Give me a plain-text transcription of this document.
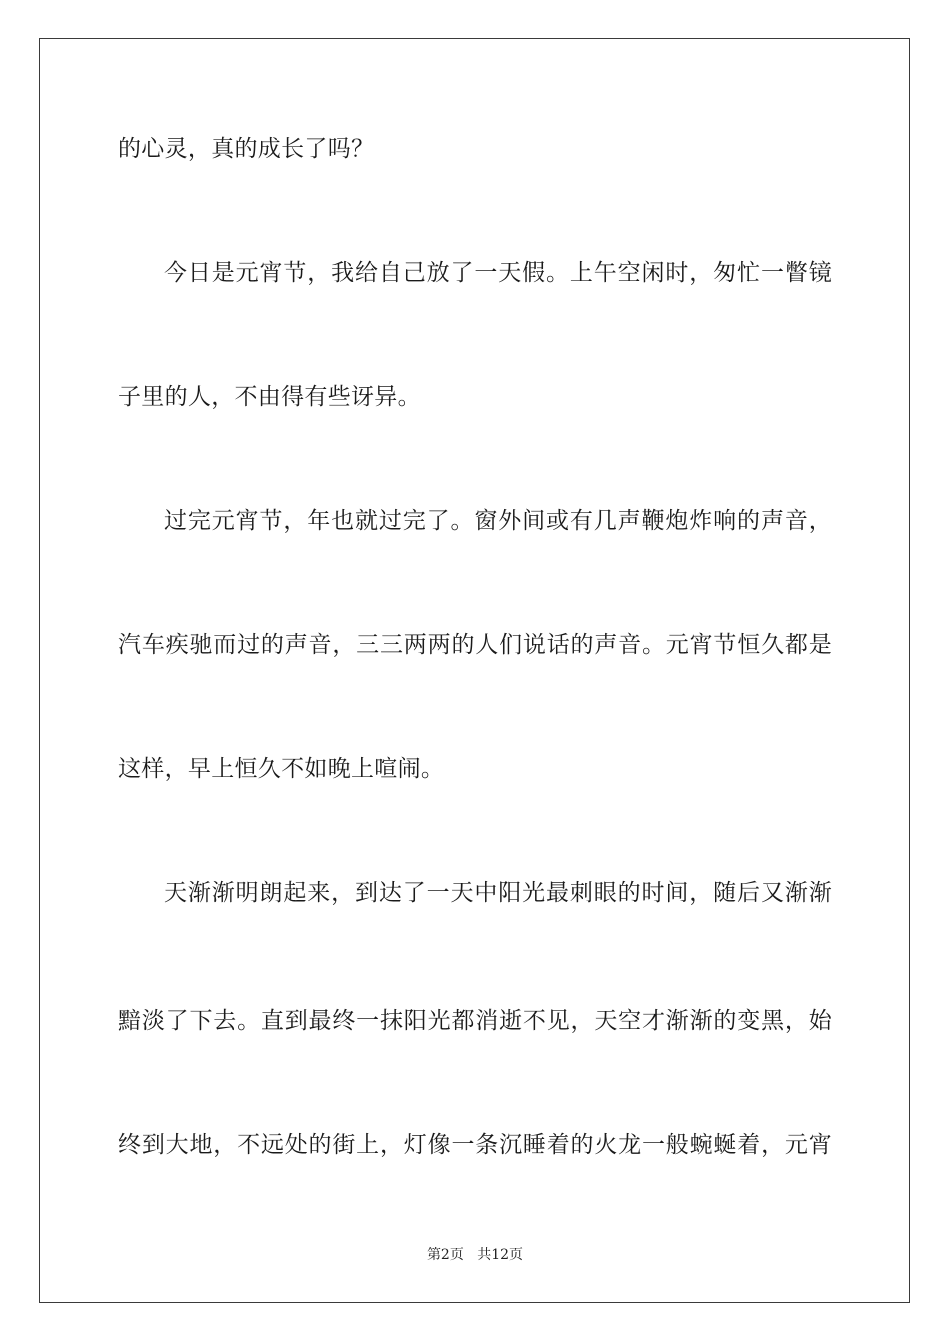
的心灵，真的成长了吗？
今日是元宵节，我给自己放了一天假。上午空闲时，匆忙一瞥镜
子里的人，不由得有些讶异。
过完元宵节，年也就过完了。窗外间或有几声鞭炮炸响的声音，
汽车疾驰而过的声音，三三两两的人们说话的声音。元宵节恒久都是
这样，早上恒久不如晚上喧闹。
天渐渐明朗起来，到达了一天中阳光最刺眼的时间，随后又渐渐
黯淡了下去。直到最终一抹阳光都消逝不见，天空才渐渐的变黑，始
终到大地，不远处的街上，灯像一条沉睡着的火龙一般蜿蜒着，元宵
第2页 共12页
